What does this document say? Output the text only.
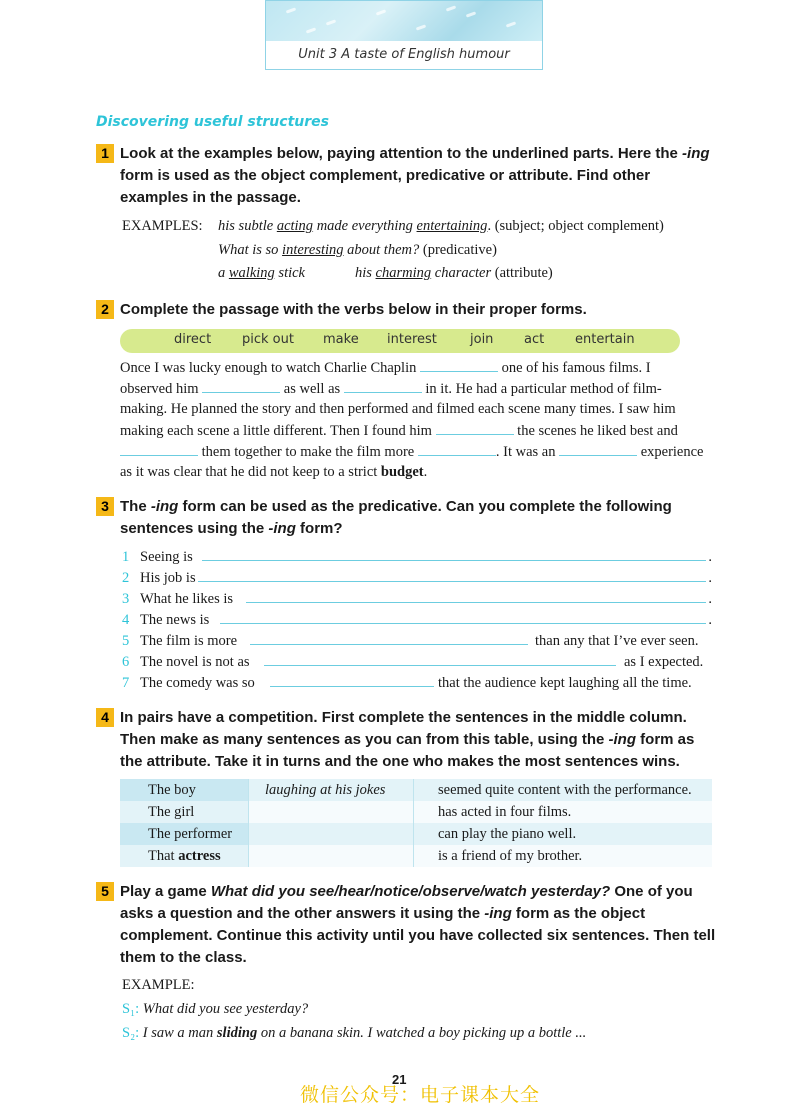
Unit 3 A taste of English humour
Discovering useful structures
1 Look at the examples below, paying attention to the underlined parts. Here the -ing form is used as the object complement, predicative or attribute. Find other examples in the passage.
EXAMPLES: his subtle acting made everything entertaining. (subject; object complement)
What is so interesting about them? (predicative)
a walking stick	his charming character (attribute)
2 Complete the passage with the verbs below in their proper forms.
direct pick out make interest	join act entertain
Once I was lucky enough to watch Charlie Chaplin	one of his famous films. I
observed him	as well as	in it. He had a particular method of film-
making. He planned the story and then performed and filmed each scene many times. I saw him
making each scene a little different. Then I found him	the scenes he liked best and
them together to make the film more	. It was an	experience
as it was clear that he did not keep to a strict budget.
3 The -ing form can be used as the predicative. Can you complete the following sentences using the -ing form?
1 Seeing is	.
2 His job is	.
3 What he likes is	.
4 The news is	.
5 The film is more	than any that I’ve ever seen.
6 The novel is not as	as I expected.
7 The comedy was so	that the audience kept laughing all the time.
4 In pairs have a competition. First complete the sentences in the middle column. Then make as many sentences as you can from this table, using the -ing form as the attribute. Take it in turns and the one who makes the most sentences wins.
The boy	laughing at his jokes	seemed quite content with the performance.
The girl		has acted in four films.
The performer		can play the piano well.
That actress		is a friend of my brother.
5 Play a game What did you see/hear/notice/observe/watch yesterday? One of you asks a question and the other answers it using the -ing form as the object complement. Continue this activity until you have collected six sentences. Then tell them to the class.
EXAMPLE:
S₁: What did you see yesterday?
S₂: I saw a man sliding on a banana skin. I watched a boy picking up a bottle ...
21
微信公众号：电子课本大全
